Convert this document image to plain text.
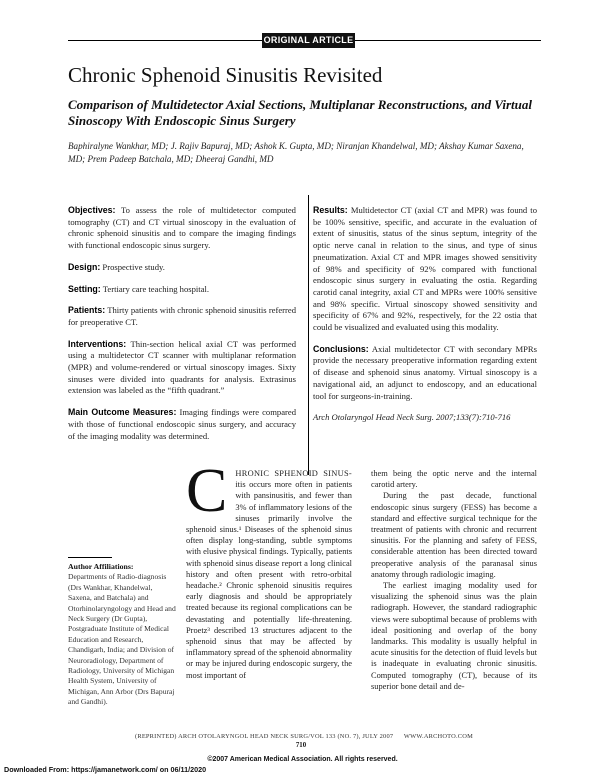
ORIGINAL ARTICLE
Chronic Sphenoid Sinusitis Revisited
Comparison of Multidetector Axial Sections, Multiplanar Reconstructions, and Virtual Sinoscopy With Endoscopic Sinus Surgery
Baphiralyne Wankhar, MD; J. Rajiv Bapuraj, MD; Ashok K. Gupta, MD; Niranjan Khandelwal, MD; Akshay Kumar Saxena, MD; Prem Padeep Batchala, MD; Dheeraj Gandhi, MD

Objectives: To assess the role of multidetector computed tomography (CT) and CT virtual sinoscopy in the evaluation of chronic sphenoid sinusitis and to compare the imaging findings with functional endoscopic sinus surgery.

Design: Prospective study.

Setting: Tertiary care teaching hospital.

Patients: Thirty patients with chronic sphenoid sinusitis referred for preoperative CT.

Interventions: Thin-section helical axial CT was performed using a multidetector CT scanner with multiplanar reformation (MPR) and volume-rendered or virtual sinoscopy images. Sixty sinuses were divided into quadrants for analysis. Extrasinus extension was labeled as the “fifth quadrant.”

Main Outcome Measures: Imaging findings were compared with those of functional endoscopic sinus surgery, and accuracy of the imaging modality was determined.

Results: Multidetector CT (axial CT and MPR) was found to be 100% sensitive, specific, and accurate in the evaluation of extent of sinusitis, status of the sinus septum, integrity of the optic nerve canal in relation to the sinus, and type of sinus pneumatization. Axial CT and MPR images showed sensitivity of 98% and specificity of 92% compared with functional endoscopic sinus surgery in evaluating the ostia. Regarding carotid canal integrity, axial CT and MPRs were 100% sensitive and 98% specific. Virtual sinoscopy showed sensitivity and specificity of 67% and 92%, respectively, for the 22 ostia that could be visualized and evaluated using this modality.

Conclusions: Axial multidetector CT with secondary MPRs provide the necessary preoperative information regarding extent of disease and sphenoid sinus anatomy. Virtual sinoscopy is a navigational aid, an adjunct to endoscopy, and an educational tool for surgeons-in-training.

Arch Otolaryngol Head Neck Surg. 2007;133(7):710-716

CHRONIC SPHENOID SINUS- itis occurs more often in patients with pansinusitis, and fewer than 3% of inflammatory lesions of the sinuses primarily involve the sphenoid sinus.¹ Diseases of the sphenoid sinus often display long-standing, subtle symptoms with elusive physical findings. Typically, patients with sphenoid sinus disease report a long clinical history and often present with retro-orbital headache.² Chronic sphenoid sinusitis requires early diagnosis and should be appropriately treated because its regional complications can be devastating and potentially life-threatening. Proetz³ described 13 structures adjacent to the sphenoid sinus that may be affected by inflammatory spread of the sphenoid abnormality or may be injured during endoscopic surgery, the most important of

Author Affiliations:
Departments of Radio-diagnosis (Drs Wankhar, Khandelwal, Saxena, and Batchala) and Otorhinolaryngology and Head and Neck Surgery (Dr Gupta), Postgraduate Institute of Medical Education and Research, Chandigarh, India; and Division of Neuroradiology, Department of Radiology, University of Michigan Health System, University of Michigan, Ann Arbor (Drs Bapuraj and Gandhi).

them being the optic nerve and the internal carotid artery.

During the past decade, functional endoscopic sinus surgery (FESS) has become a standard and effective surgical technique for the treatment of patients with chronic and recurrent sinusitis. For the planning and safety of FESS, considerable attention has been directed toward preoperative analysis of the paranasal sinus anatomy through radiologic imaging.

The earliest imaging modality used for visualizing the sphenoid sinus was the plain radiograph. However, the standard radiographic views were suboptimal because of problems with ideal positioning and overlap of the bony landmarks. This modality is usually helpful in acute sinusitis for the detection of fluid levels but is inadequate in evaluating chronic sinusitis. Computed tomography (CT), because of its superior bone detail and de-

(REPRINTED) ARCH OTOLARYNGOL HEAD NECK SURG/VOL 133 (NO. 7), JULY 2007      WWW.ARCHOTO.COM
710
©2007 American Medical Association. All rights reserved.
Downloaded From: https://jamanetwork.com/ on 06/11/2020
